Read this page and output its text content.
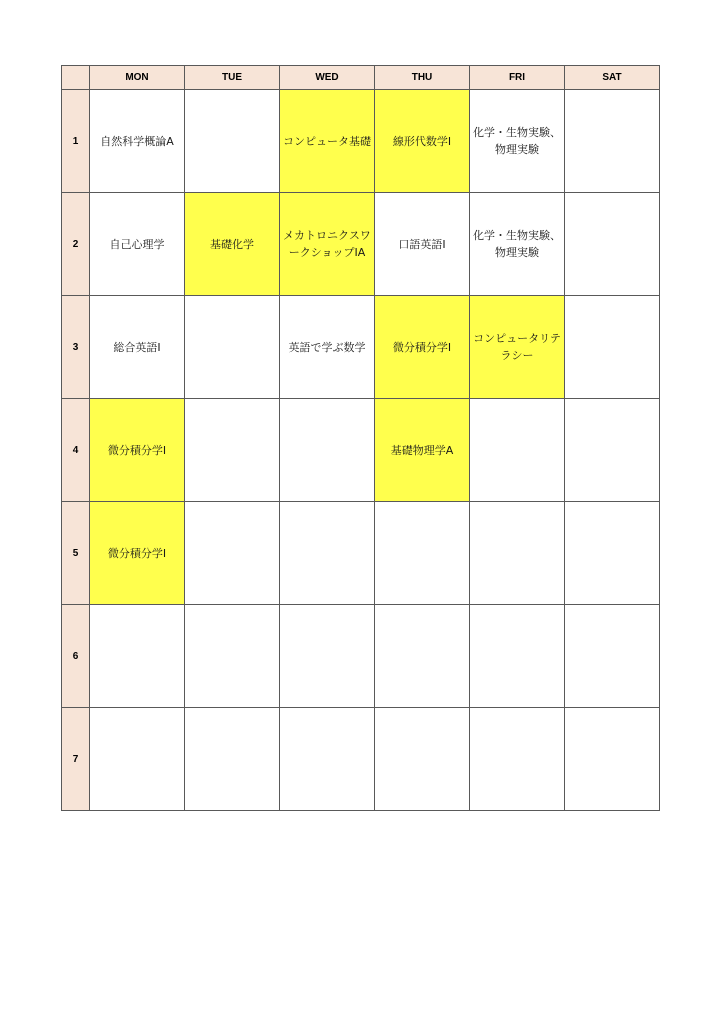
	MON	TUE	WED	THU	FRI	SAT
1	自然科学概論A		コンピュータ基礎	線形代数学Ⅰ	化学・生物実験、物理実験	
2	自己心理学	基礎化学	メカトロニクスワークショップⅠA	口語英語Ⅰ	化学・生物実験、物理実験	
3	総合英語Ⅰ		英語で学ぶ数学	微分積分学Ⅰ	コンピュータリテラシー	
4	微分積分学Ⅰ			基礎物理学A		
5	微分積分学Ⅰ					
6						
7						
